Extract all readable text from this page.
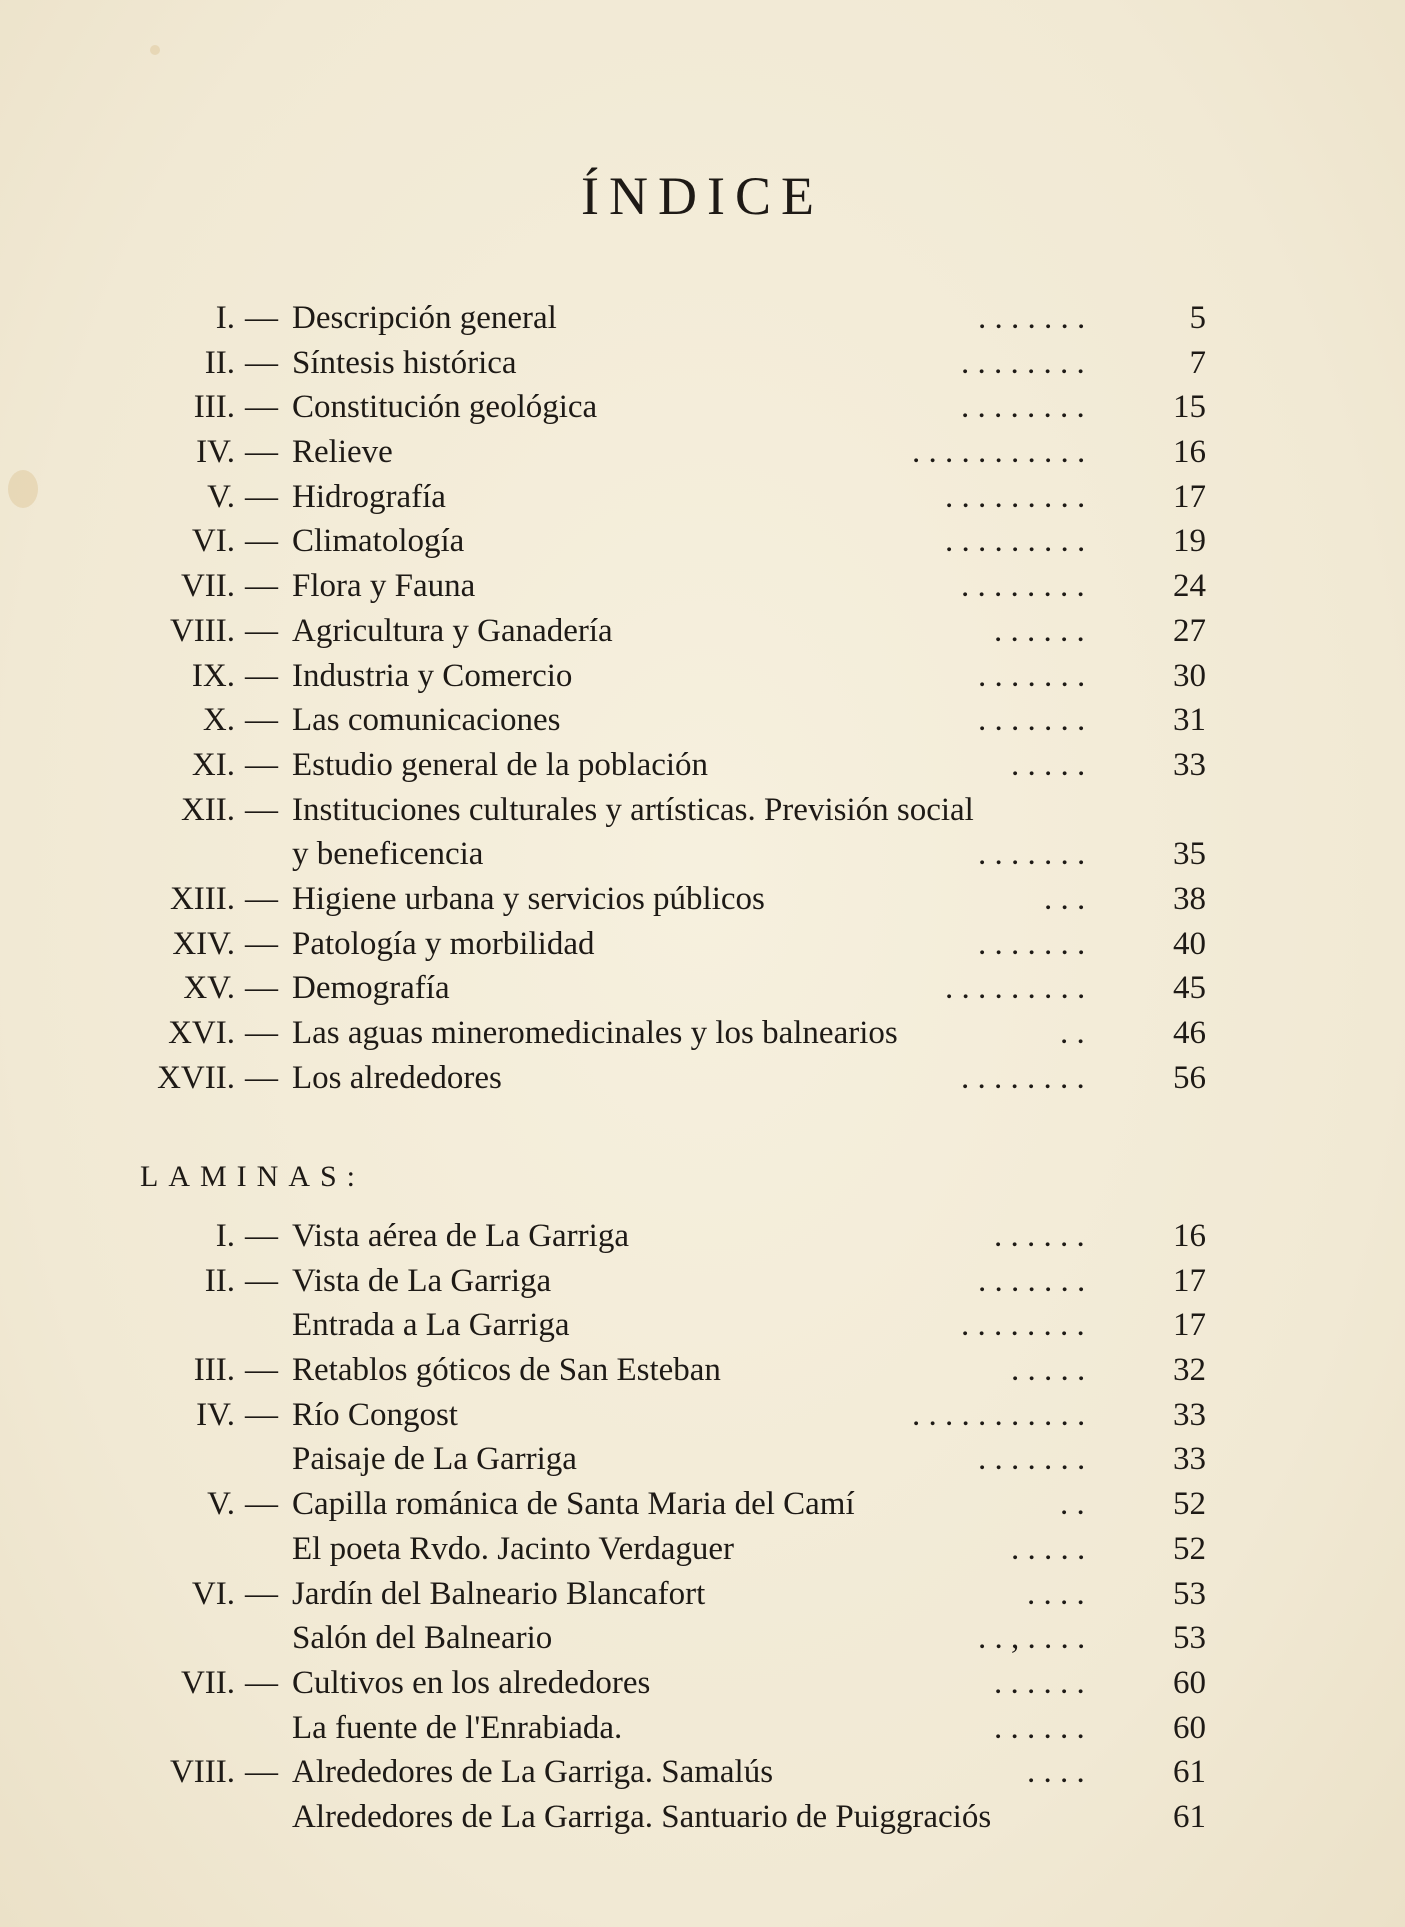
ÍNDICE
I. — Descripción general	. . . . . . .	5
II. — Síntesis histórica	. . . . . . . .	7
III. — Constitución geológica	. . . . . . . .	15
IV. — Relieve	. . . . . . . . . . .	16
V. — Hidrografía	. . . . . . . . .	17
VI. — Climatología	. . . . . . . . .	19
VII. — Flora y Fauna	. . . . . . . .	24
VIII. — Agricultura y Ganadería	. . . . . .	27
IX. — Industria y Comercio	. . . . . . .	30
X. — Las comunicaciones	. . . . . . .	31
XI. — Estudio general de la población	. . . . .	33
XII. — Instituciones culturales y artísticas. Previsión social
y beneficencia	. . . . . . .	35
XIII. — Higiene urbana y servicios públicos	. . .	38
XIV. — Patología y morbilidad	. . . . . . .	40
XV. — Demografía	. . . . . . . . .	45
XVI. — Las aguas mineromedicinales y los balnearios	. .	46
XVII. — Los alrededores	. . . . . . . .	56
LAMINAS:
I. — Vista aérea de La Garriga	. . . . . .	16
II. — Vista de La Garriga	. . . . . . .	17
Entrada a La Garriga	. . . . . . . .	17
III. — Retablos góticos de San Esteban	. . . . .	32
IV. — Río Congost	. . . . . . . . . . .	33
Paisaje de La Garriga	. . . . . . .	33
V. — Capilla románica de Santa Maria del Camí	. .	52
El poeta Rvdo. Jacinto Verdaguer	. . . . .	52
VI. — Jardín del Balneario Blancafort	. . . .	53
Salón del Balneario	. . , . . . .	53
VII. — Cultivos en los alrededores	. . . . . .	60
La fuente de l'Enrabiada.	. . . . . .	60
VIII. — Alrededores de La Garriga. Samalús	. . . .	61
Alrededores de La Garriga. Santuario de Puiggraciós	61
